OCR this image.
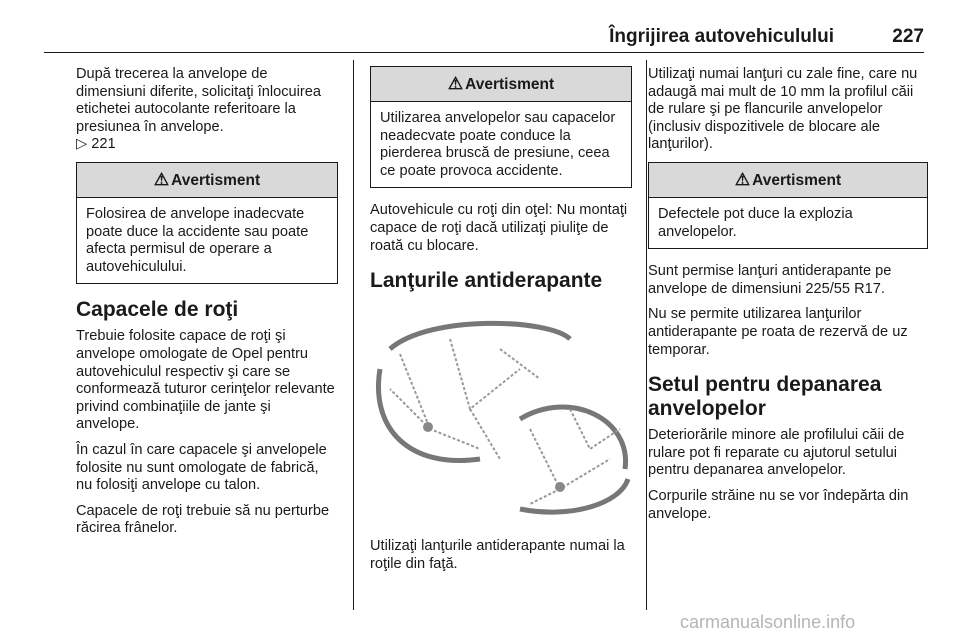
Îngrijirea autovehiculului	227

După trecerea la anvelope de dimensiuni diferite, solicitaţi înlocuirea etichetei autocolante referitoare la presiunea în anvelope.
▷ 221

⚠ Avertisment
Folosirea de anvelope inadecvate poate duce la accidente sau poate afecta permisul de operare a autovehiculului.
Capacele de roţi

Trebuie folosite capace de roţi şi anvelope omologate de Opel pentru autovehiculul respectiv şi care se conformează tuturor cerinţelor relevante privind combinaţiile de jante şi anvelope.

În cazul în care capacele şi anvelopele folosite nu sunt omologate de fabrică, nu folosiţi anvelope cu talon.

Capacele de roţi trebuie să nu perturbe răcirea frânelor.

⚠ Avertisment
Utilizarea anvelopelor sau capacelor neadecvate poate conduce la pierderea bruscă de presiune, ceea ce poate provoca accidente.

Autovehicule cu roţi din oţel: Nu montaţi capace de roţi dacă utilizaţi piuliţe de roată cu blocare.

Lanţurile antiderapante

Utilizaţi lanţurile antiderapante numai la roţile din faţă.

Utilizaţi numai lanţuri cu zale fine, care nu adaugă mai mult de 10 mm la profilul căii de rulare şi pe flancurile anvelopelor (inclusiv dispozitivele de blocare ale lanţurilor).

⚠ Avertisment
Defectele pot duce la explozia anvelopelor.

Sunt permise lanţuri antiderapante pe anvelope de dimensiuni 225/55 R17.

Nu se permite utilizarea lanţurilor antiderapante pe roata de rezervă de uz temporar.

Setul pentru depanarea anvelopelor

Deteriorările minore ale profilului căii de rulare pot fi reparate cu ajutorul setului pentru depanarea anvelopelor.

Corpurile străine nu se vor îndepărta din anvelope.

carmanualsonline.info
